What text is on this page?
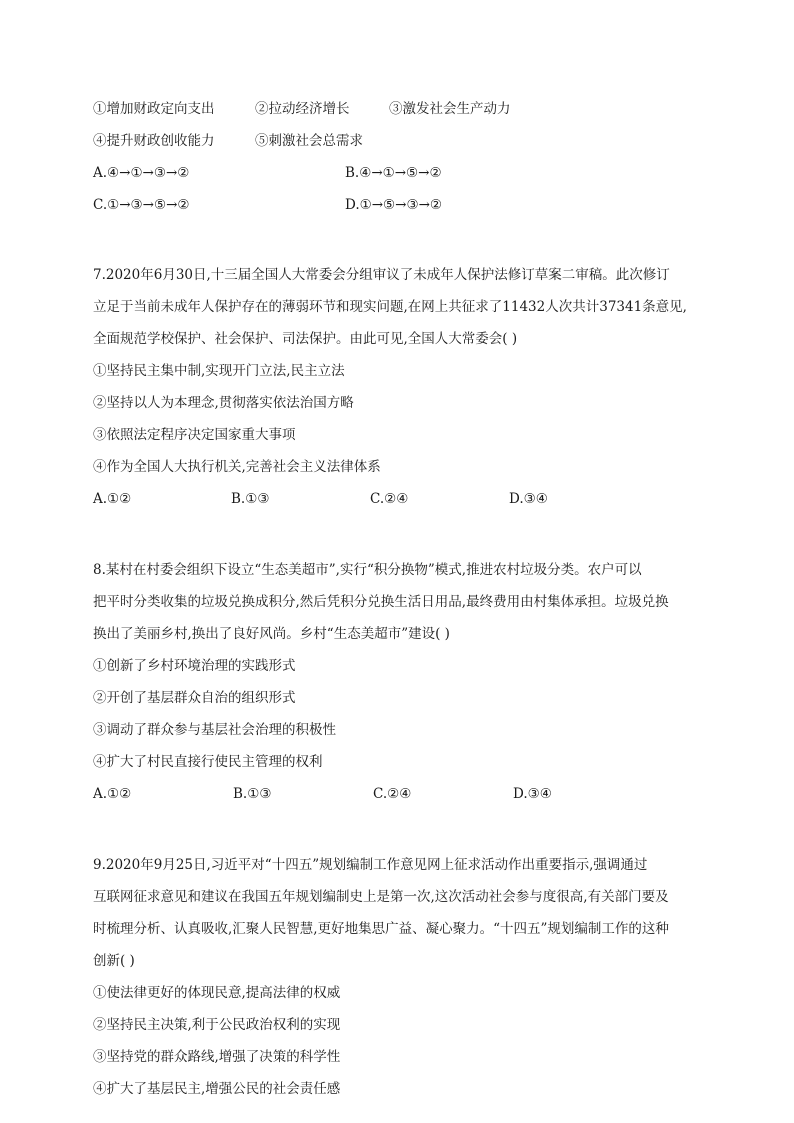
①增加财政定向支出	②拉动经济增长	③激发社会生产动力
④提升财政创收能力	⑤刺激社会总需求
A.④→①→③→②	B.④→①→⑤→②
C.①→③→⑤→②	D.①→⑤→③→②
7.2020年6月30日,十三届全国人大常委会分组审议了未成年人保护法修订草案二审稿。此次修订
立足于当前未成年人保护存在的薄弱环节和现实问题,在网上共征求了11432人次共计37341条意见,
全面规范学校保护、社会保护、司法保护。由此可见,全国人大常委会( )
①坚持民主集中制,实现开门立法,民主立法
②坚持以人为本理念,贯彻落实依法治国方略
③依照法定程序决定国家重大事项
④作为全国人大执行机关,完善社会主义法律体系
A.①②	B.①③	C.②④	D.③④
8.某村在村委会组织下设立“生态美超市”,实行“积分换物”模式,推进农村垃圾分类。农户可以
把平时分类收集的垃圾兑换成积分,然后凭积分兑换生活日用品,最终费用由村集体承担。垃圾兑换
换出了美丽乡村,换出了良好风尚。乡村“生态美超市”建设( )
①创新了乡村环境治理的实践形式
②开创了基层群众自治的组织形式
③调动了群众参与基层社会治理的积极性
④扩大了村民直接行使民主管理的权利
A.①②	B.①③	C.②④	D.③④
9.2020年9月25日,习近平对“十四五”规划编制工作意见网上征求活动作出重要指示,强调通过
互联网征求意见和建议在我国五年规划编制史上是第一次,这次活动社会参与度很高,有关部门要及
时梳理分析、认真吸收,汇聚人民智慧,更好地集思广益、凝心聚力。“十四五”规划编制工作的这种
创新( )
①使法律更好的体现民意,提高法律的权威
②坚持民主决策,利于公民政治权利的实现
③坚持党的群众路线,增强了决策的科学性
④扩大了基层民主,增强公民的社会责任感
